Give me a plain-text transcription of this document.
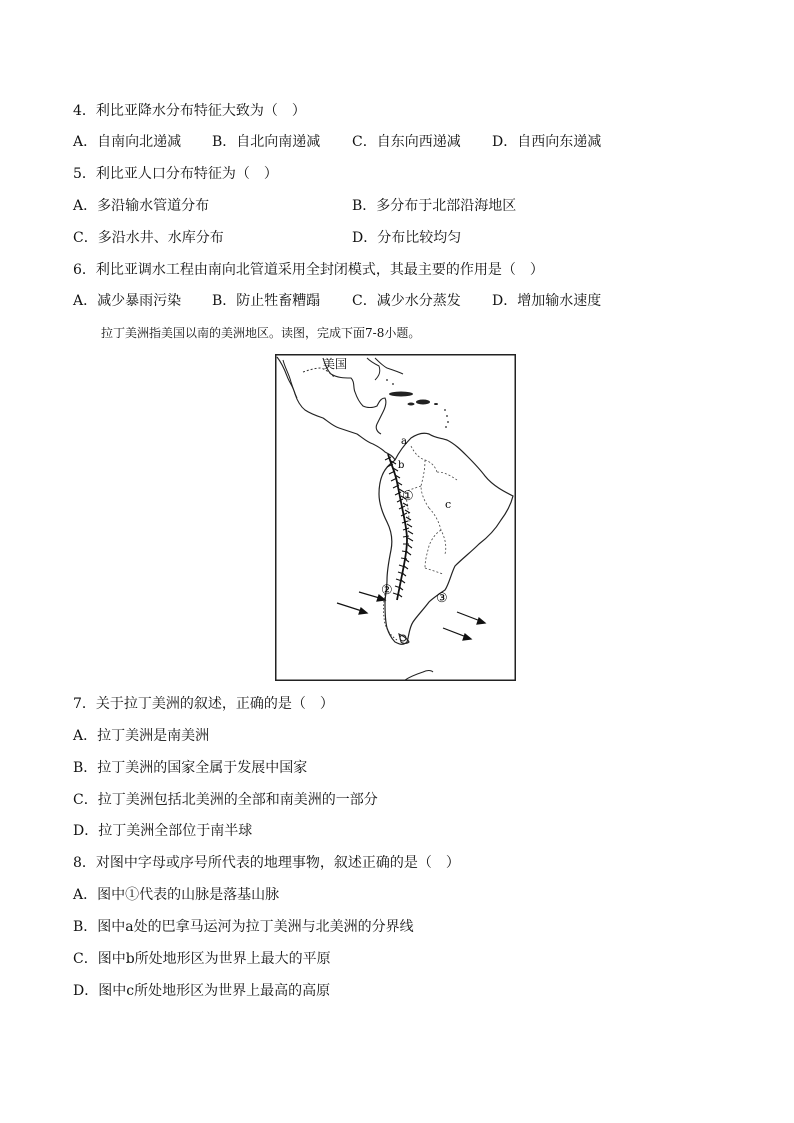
4．利比亚降水分布特征大致为（　）
A．自南向北递减 B．自北向南递减 C．自东向西递减 D．自西向东递减
5．利比亚人口分布特征为（　）
A．多沿输水管道分布	B．多分布于北部沿海地区
C．多沿水井、水库分布	D．分布比较均匀
6．利比亚调水工程由南向北管道采用全封闭模式，其最主要的作用是（　）
A．减少暴雨污染 B．防止牲畜糟蹋 C．减少水分蒸发 D．增加输水速度
拉丁美洲指美国以南的美洲地区。读图，完成下面7-8小题。
美国
a
b
c
①
②
③
7．关于拉丁美洲的叙述，正确的是（　）
A．拉丁美洲是南美洲
B．拉丁美洲的国家全属于发展中国家
C．拉丁美洲包括北美洲的全部和南美洲的一部分
D．拉丁美洲全部位于南半球
8．对图中字母或序号所代表的地理事物，叙述正确的是（　）
A．图中①代表的山脉是落基山脉
B．图中a处的巴拿马运河为拉丁美洲与北美洲的分界线
C．图中b所处地形区为世界上最大的平原
D．图中c所处地形区为世界上最高的高原
